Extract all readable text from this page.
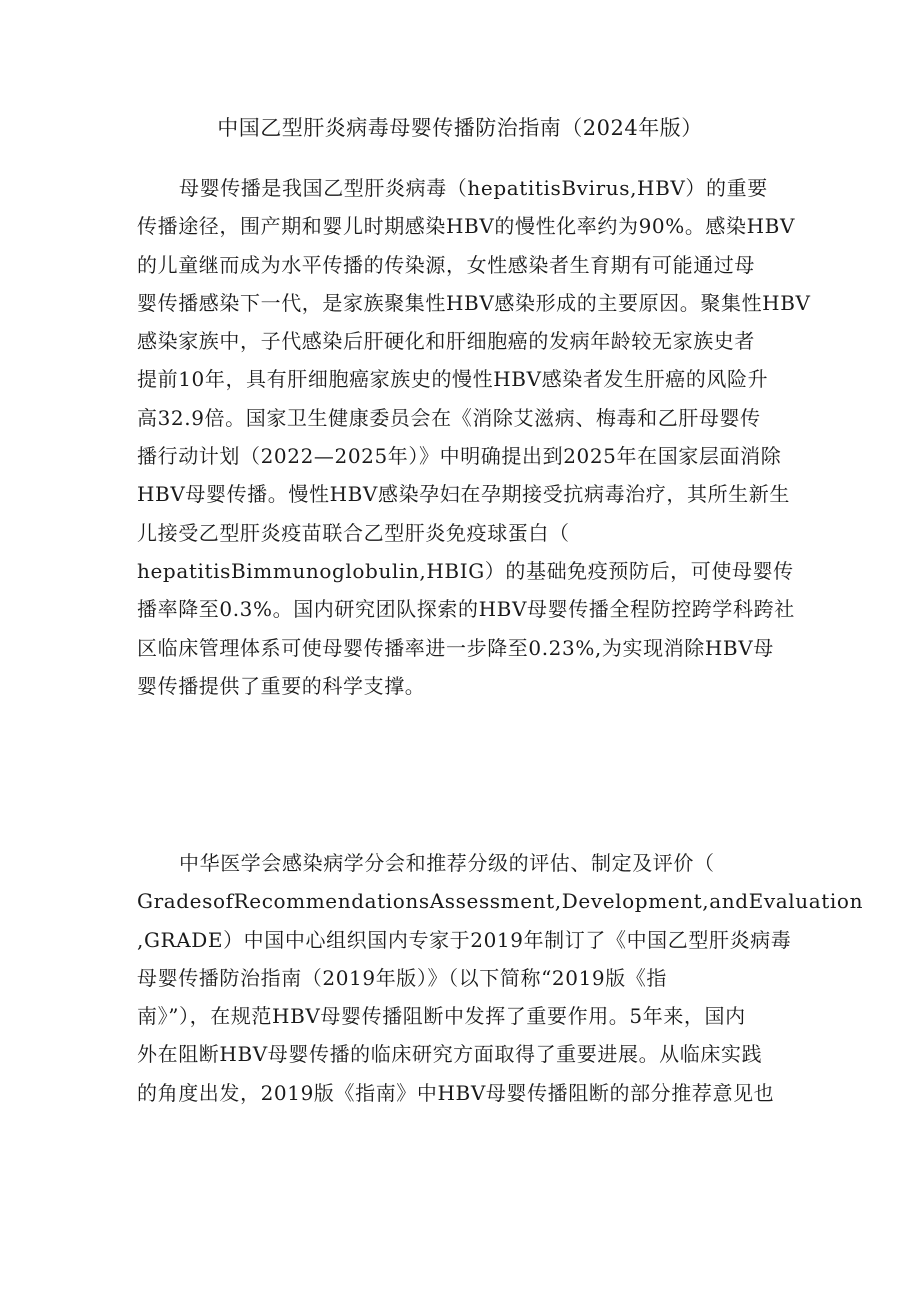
中国乙型肝炎病毒母婴传播防治指南（2024年版）
母婴传播是我国乙型肝炎病毒（hepatitisBvirus,HBV）的重要
传播途径，围产期和婴儿时期感染HBV的慢性化率约为90%。感染HBV
的儿童继而成为水平传播的传染源，女性感染者生育期有可能通过母
婴传播感染下一代，是家族聚集性HBV感染形成的主要原因。聚集性HBV
感染家族中，子代感染后肝硬化和肝细胞癌的发病年龄较无家族史者
提前10年，具有肝细胞癌家族史的慢性HBV感染者发生肝癌的风险升
高32.9倍。国家卫生健康委员会在《消除艾滋病、梅毒和乙肝母婴传
播行动计划（2022—2025年）》中明确提出到2025年在国家层面消除
HBV母婴传播。慢性HBV感染孕妇在孕期接受抗病毒治疗，其所生新生
儿接受乙型肝炎疫苗联合乙型肝炎免疫球蛋白（
hepatitisBimmunoglobulin,HBIG）的基础免疫预防后，可使母婴传
播率降至0.3%。国内研究团队探索的HBV母婴传播全程防控跨学科跨社
区临床管理体系可使母婴传播率进一步降至0.23%,为实现消除HBV母
婴传播提供了重要的科学支撑。
中华医学会感染病学分会和推荐分级的评估、制定及评价（
GradesofRecommendationsAssessment,Development,andEvaluation
,GRADE）中国中心组织国内专家于2019年制订了《中国乙型肝炎病毒
母婴传播防治指南（2019年版）》（以下简称“2019版《指
南》”），在规范HBV母婴传播阻断中发挥了重要作用。5年来，国内
外在阻断HBV母婴传播的临床研究方面取得了重要进展。从临床实践
的角度出发，2019版《指南》中HBV母婴传播阻断的部分推荐意见也
